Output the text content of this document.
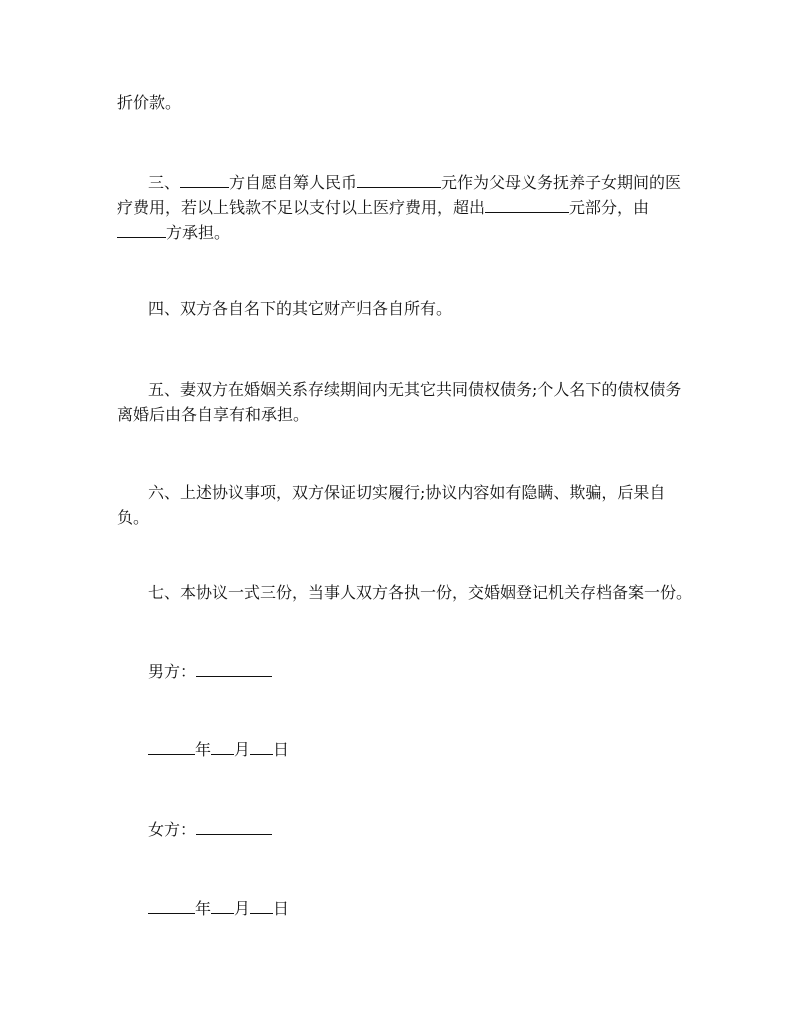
折价款。
三、	方自愿自筹人民币	元作为父母义务抚养子女期间的医
疗费用，若以上钱款不足以支付以上医疗费用，超出	元部分，由
方承担。
四、双方各自名下的其它财产归各自所有。
五、妻双方在婚姻关系存续期间内无其它共同债权债务;个人名下的债权债务
离婚后由各自享有和承担。
六、上述协议事项，双方保证切实履行;协议内容如有隐瞒、欺骗，后果自
负。
七、本协议一式三份，当事人双方各执一份，交婚姻登记机关存档备案一份。
男方：
年 月 日
女方：
年 月 日
